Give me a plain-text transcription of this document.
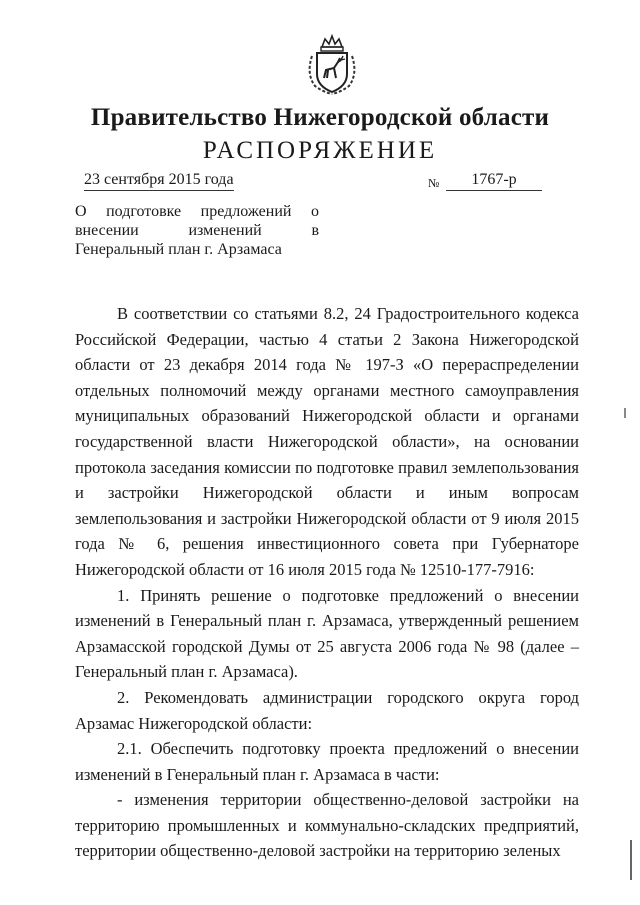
Правительство Нижегородской области
РАСПОРЯЖЕНИЕ
23 сентября 2015 года	№	1767-р
О подготовке предложений о
внесении изменений в
Генеральный план г. Арзамаса

В соответствии со статьями 8.2, 24 Градостроительного кодекса Российской Федерации, частью 4 статьи 2 Закона Нижегородской области от 23 декабря 2014 года № 197-З «О перераспределении отдельных полномочий между органами местного самоуправления муниципальных образований Нижегородской области и органами государственной власти Нижегородской области», на основании протокола заседания комиссии по подготовке правил землепользования и застройки Нижегородской области и иным вопросам землепользования и застройки Нижегородской области от 9 июля 2015 года № 6, решения инвестиционного совета при Губернаторе Нижегородской области от 16 июля 2015 года № 12510-177-7916:

1. Принять решение о подготовке предложений о внесении изменений в Генеральный план г. Арзамаса, утвержденный решением Арзамасской городской Думы от 25 августа 2006 года № 98 (далее – Генеральный план г. Арзамаса).

2. Рекомендовать администрации городского округа город Арзамас Нижегородской области:

2.1. Обеспечить подготовку проекта предложений о внесении изменений в Генеральный план г. Арзамаса в части:

- изменения территории общественно-деловой застройки на территорию промышленных и коммунально-складских предприятий, территории общественно-деловой застройки на территорию зеленых
